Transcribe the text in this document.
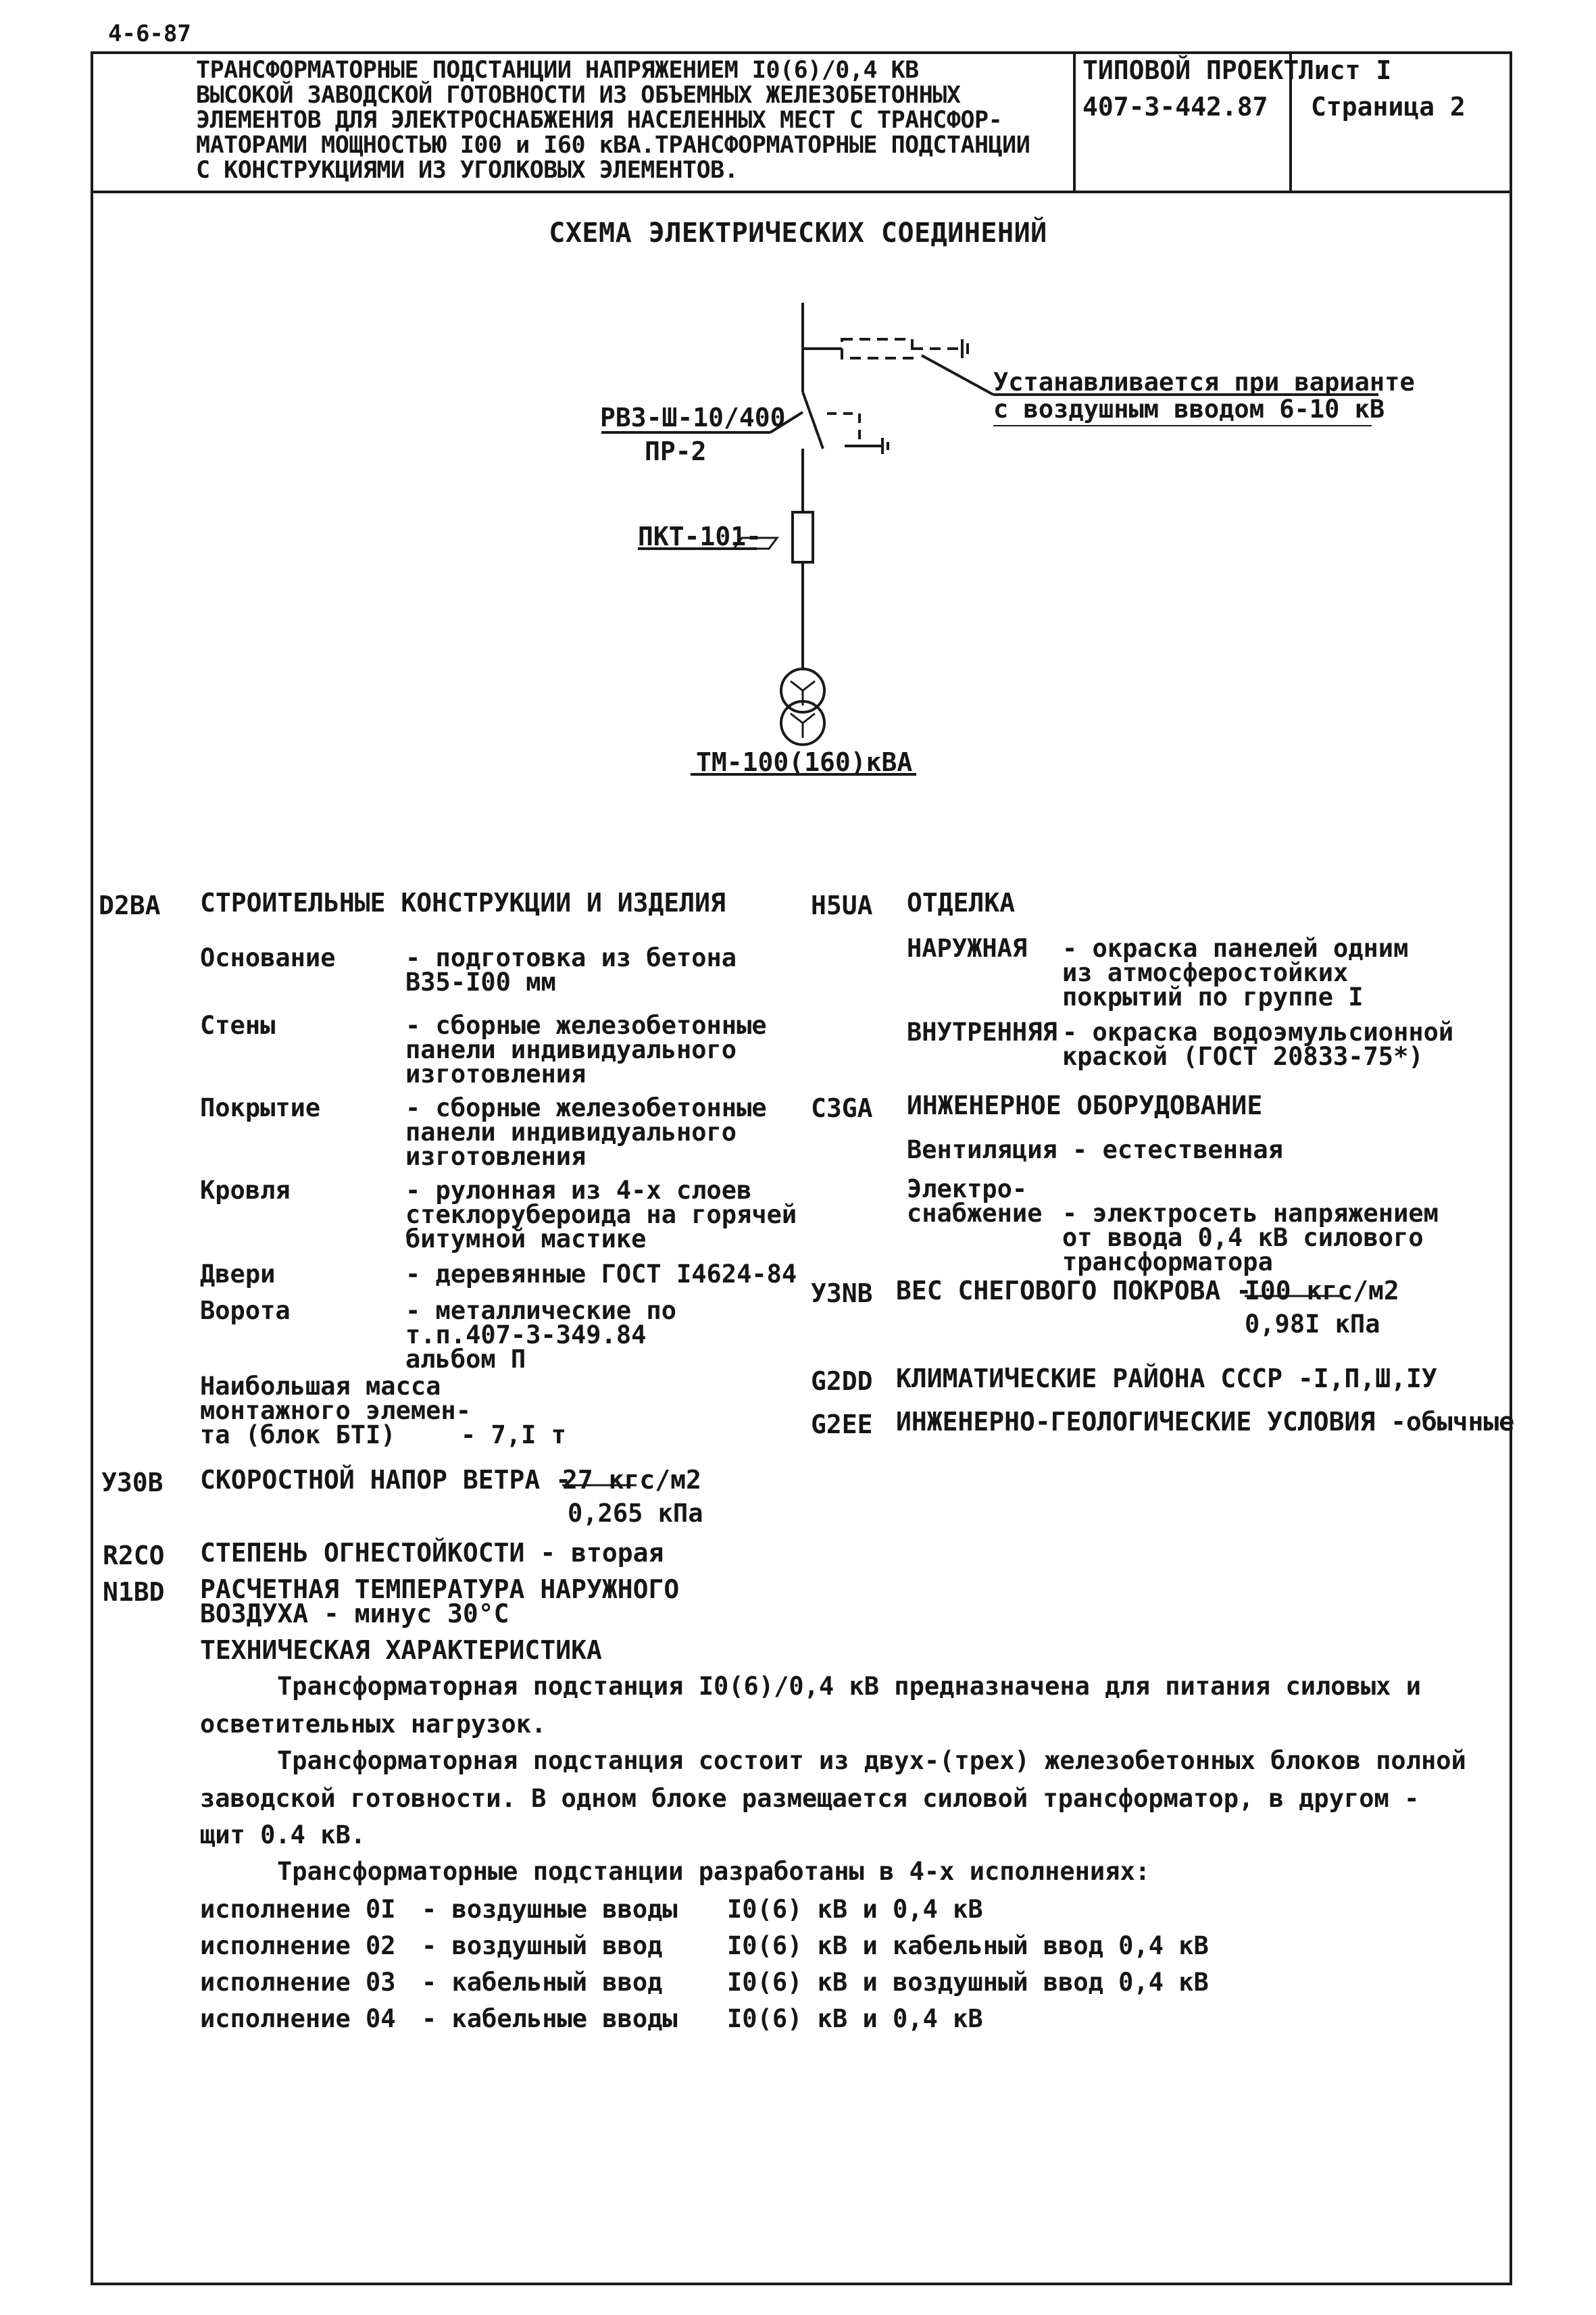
4-6-87
ТРАНСФОРМАТОРНЫЕ ПОДСТАНЦИИ НАПРЯЖЕНИЕМ I0(6)/0,4 КВ
ВЫСОКОЙ ЗАВОДСКОЙ ГОТОВНОСТИ ИЗ ОБЪЕМНЫХ ЖЕЛЕЗОБЕТОННЫХ
ЭЛЕМЕНТОВ ДЛЯ ЭЛЕКТРОСНАБЖЕНИЯ НАСЕЛЕННЫХ МЕСТ С ТРАНСФОР-
МАТОРАМИ МОЩНОСТЬЮ I00 и I60 кВА.ТРАНСФОРМАТОРНЫЕ ПОДСТАНЦИИ
С КОНСТРУКЦИЯМИ ИЗ УГОЛКОВЫХ ЭЛЕМЕНТОВ.
ТИПОВОЙ ПРОЕКТ
407-3-442.87
Лист I
Страница 2
СХЕМА ЭЛЕКТРИЧЕСКИХ СОЕДИНЕНИЙ
РВЗ-Ш-10/400
ПР-2
ПКТ-101-
ТМ-100(160)кВА
Устанавливается при варианте
с воздушным вводом 6-10 кВ
D2BA СТРОИТЕЛЬНЫЕ КОНСТРУКЦИИ И ИЗДЕЛИЯ
Основание	- подготовка из бетона
В35-I00 мм
Стены	- сборные железобетонные
панели индивидуального
изготовления
Покрытие	- сборные железобетонные
панели индивидуального
изготовления
Кровля	- рулонная из 4-х слоев
стеклорубероида на горячей
битумной мастике
Двери	- деревянные ГОСТ I4624-84
Ворота	- металлические по
т.п.407-3-349.84
альбом П
Наибольшая масса
монтажного элемен-
та (блок БТI)	- 7,I т
У30В СКОРОСТНОЙ НАПОР ВЕТРА -
27 кгс/м2
0,265 кПа
R2CO СТЕПЕНЬ ОГНЕСТОЙКОСТИ - вторая
N1BD РАСЧЕТНАЯ ТЕМПЕРАТУРА НАРУЖНОГО
ВОЗДУХА - минус 30°С
ТЕХНИЧЕСКАЯ ХАРАКТЕРИСТИКА
H5UA ОТДЕЛКА
НАРУЖНАЯ - окраска панелей одним
из атмосферостойких
покрытий по группе I
ВНУТРЕННЯЯ - окраска водоэмульсионной
краской (ГОСТ 20833-75*)
C3GA ИНЖЕНЕРНОЕ ОБОРУДОВАНИЕ
Вентиляция - естественная
Электро-
снабжение - электросеть напряжением
от ввода 0,4 кВ силового
трансформатора
У3NB ВЕС СНЕГОВОГО ПОКРОВА -
I00 кгс/м2
0,98I кПа
G2DD КЛИМАТИЧЕСКИЕ РАЙОНА СССР -I,П,Ш,IУ
G2EE ИНЖЕНЕРНО-ГЕОЛОГИЧЕСКИЕ УСЛОВИЯ -обычные
Трансформаторная подстанция I0(6)/0,4 кВ предназначена для питания силовых и
осветительных нагрузок.
Трансформаторная подстанция состоит из двух-(трех) железобетонных блоков полной
заводской готовности. В одном блоке размещается силовой трансформатор, в другом -
щит 0.4 кВ.
Трансформаторные подстанции разработаны в 4-х исполнениях:
исполнение 0I - воздушные вводы I0(6) кВ и 0,4 кВ
исполнение 02 - воздушный ввод	I0(6) кВ и кабельный ввод 0,4 кВ
исполнение 03 - кабельный ввод	I0(6) кВ и воздушный ввод 0,4 кВ
исполнение 04 - кабельные вводы I0(6) кВ и 0,4 кВ
